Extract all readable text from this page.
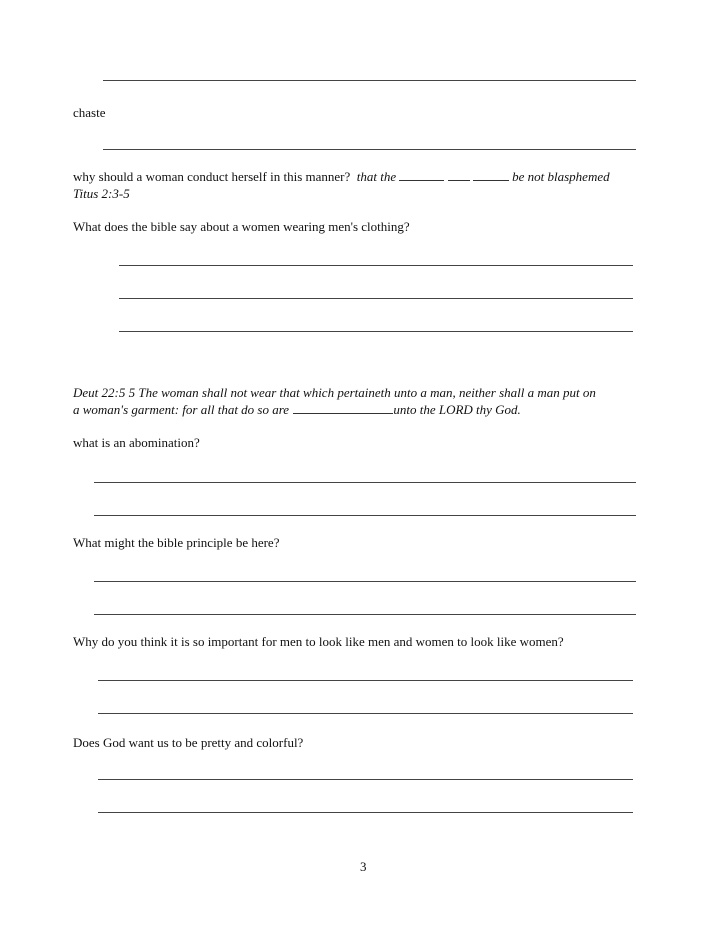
chaste
why should a woman conduct herself in this manner? that the	be not blasphemed
Titus 2:3-5
What does the bible say about a women wearing men's clothing?
Deut 22:5 5 The woman shall not wear that which pertaineth unto a man, neither shall a man put on
a woman's garment: for all that do so are	unto the LORD thy God.
what is an abomination?
What might the bible principle be here?
Why do you think it is so important for men to look like men and women to look like women?
Does God want us to be pretty and colorful?
3
